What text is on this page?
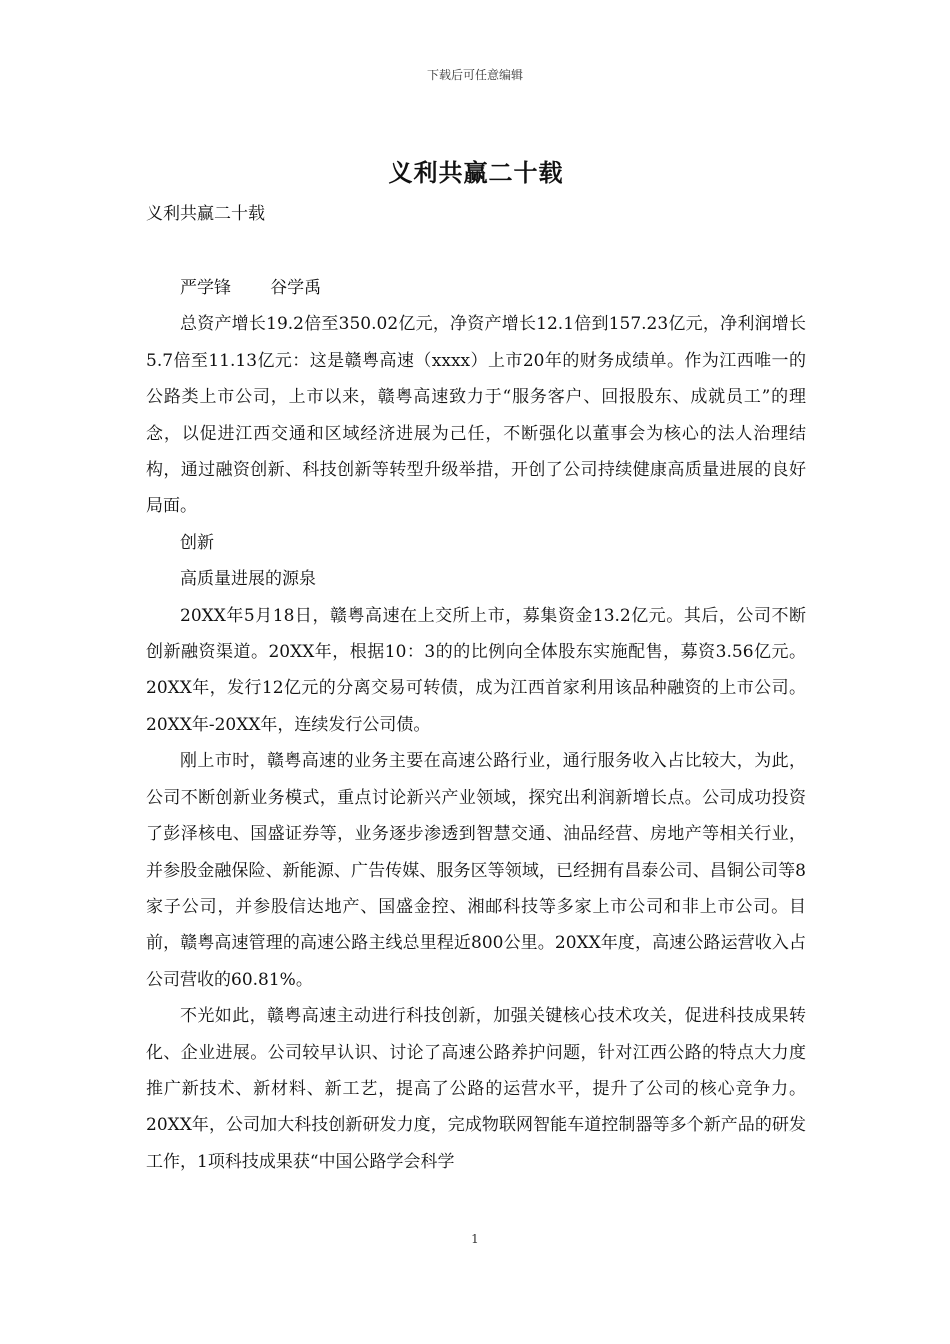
下载后可任意编辑
义利共赢二十载
义利共赢二十载

严学锋 谷学禹

总资产增长19.2倍至350.02亿元，净资产增长12.1倍到157.23亿元，净利润增长5.7倍至11.13亿元：这是赣粤高速（xxxx）上市20年的财务成绩单。作为江西唯一的公路类上市公司，上市以来，赣粤高速致力于“服务客户、回报股东、成就员工”的理念，以促进江西交通和区域经济进展为己任，不断强化以董事会为核心的法人治理结构，通过融资创新、科技创新等转型升级举措，开创了公司持续健康高质量进展的良好局面。

创新

高质量进展的源泉

20XX年5月18日，赣粤高速在上交所上市，募集资金13.2亿元。其后，公司不断创新融资渠道。20XX年，根据10：3的的比例向全体股东实施配售，募资3.56亿元。20XX年，发行12亿元的分离交易可转债，成为江西首家利用该品种融资的上市公司。20XX年-20XX年，连续发行公司债。

刚上市时，赣粤高速的业务主要在高速公路行业，通行服务收入占比较大，为此，公司不断创新业务模式，重点讨论新兴产业领域，探究出利润新增长点。公司成功投资了彭泽核电、国盛证券等，业务逐步渗透到智慧交通、油品经营、房地产等相关行业，并参股金融保险、新能源、广告传媒、服务区等领域，已经拥有昌泰公司、昌铜公司等8家子公司，并参股信达地产、国盛金控、湘邮科技等多家上市公司和非上市公司。目前，赣粤高速管理的高速公路主线总里程近800公里。20XX年度，高速公路运营收入占公司营收的60.81%。

不光如此，赣粤高速主动进行科技创新，加强关键核心技术攻关，促进科技成果转化、企业进展。公司较早认识、讨论了高速公路养护问题，针对江西公路的特点大力度推广新技术、新材料、新工艺，提高了公路的运营水平，提升了公司的核心竞争力。20XX年，公司加大科技创新研发力度，完成物联网智能车道控制器等多个新产品的研发工作，1项科技成果获“中国公路学会科学

1
